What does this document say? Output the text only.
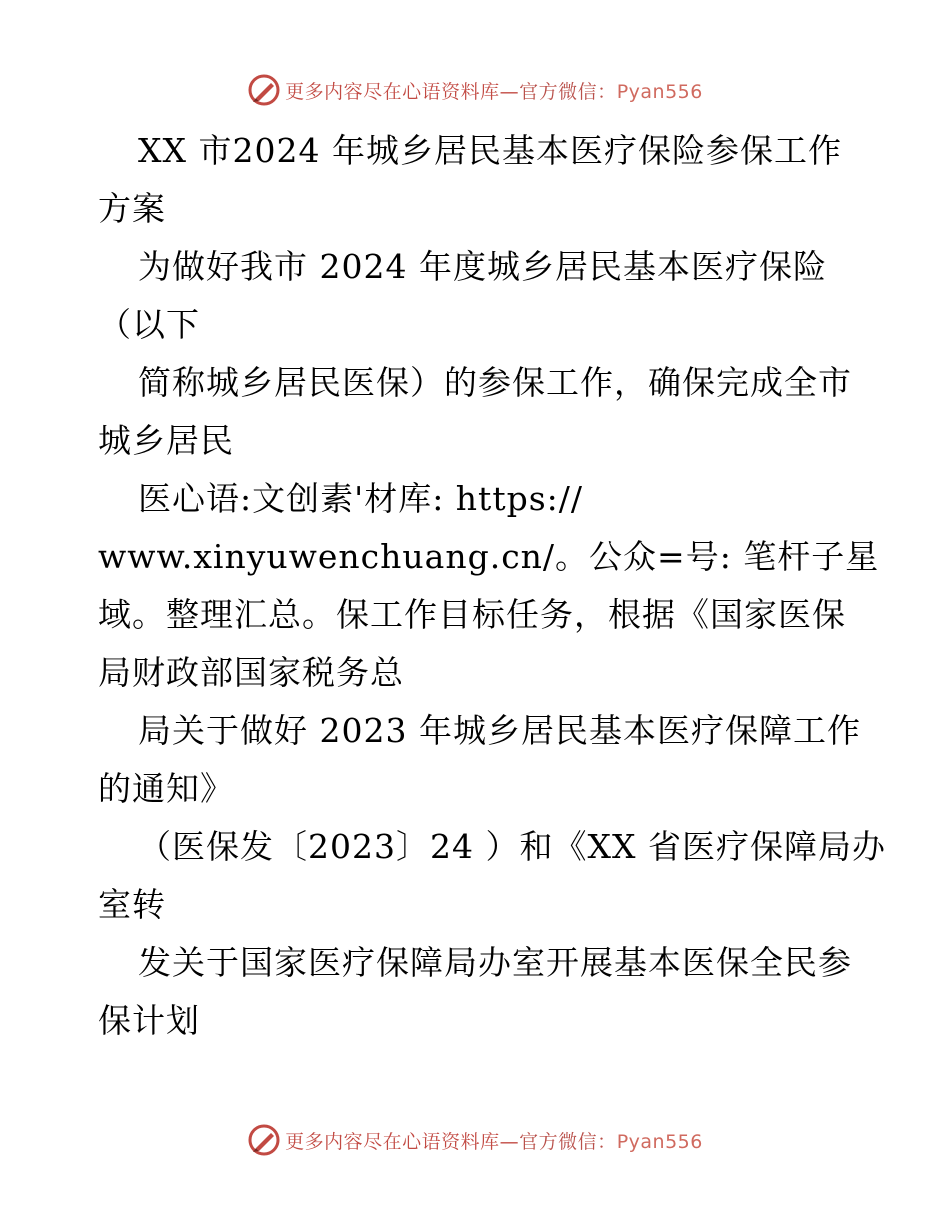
更多内容尽在心语资料库—官方微信：Pyan556
XX 市2024 年城乡居民基本医疗保险参保工作
方案
为做好我市 2024 年度城乡居民基本医疗保险
（以下
简称城乡居民医保）的参保工作，确保完成全市
城乡居民
医心语:文创素'材库: https://
www.xinyuwenchuang.cn/。公众=号: 笔杆子星
域。整理汇总。保工作目标任务，根据《国家医保
局财政部国家税务总
局关于做好 2023 年城乡居民基本医疗保障工作
的通知》
（医保发〔2023〕24 ）和《XX 省医疗保障局办
室转
发关于国家医疗保障局办室开展基本医保全民参
保计划
更多内容尽在心语资料库—官方微信：Pyan556
